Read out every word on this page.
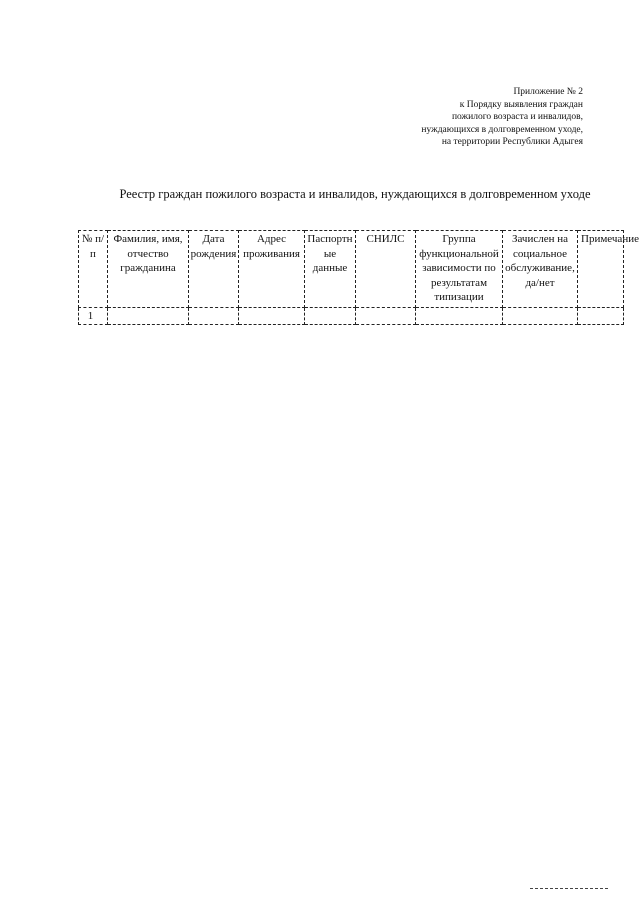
Приложение № 2
к Порядку выявления граждан
пожилого возраста и инвалидов,
нуждающихся в долговременном уходе,
на территории Республики Адыгея
Реестр граждан пожилого возраста и инвалидов, нуждающихся в долговременном уходе
№ п/п	Фамилия, имя, отчество гражданина	Дата рождения	Адрес проживания	Паспортные данные	СНИЛС	Группа функциональной зависимости по результатам типизации	Зачислен на социальное обслуживание, да/нет	Примечание
1								
